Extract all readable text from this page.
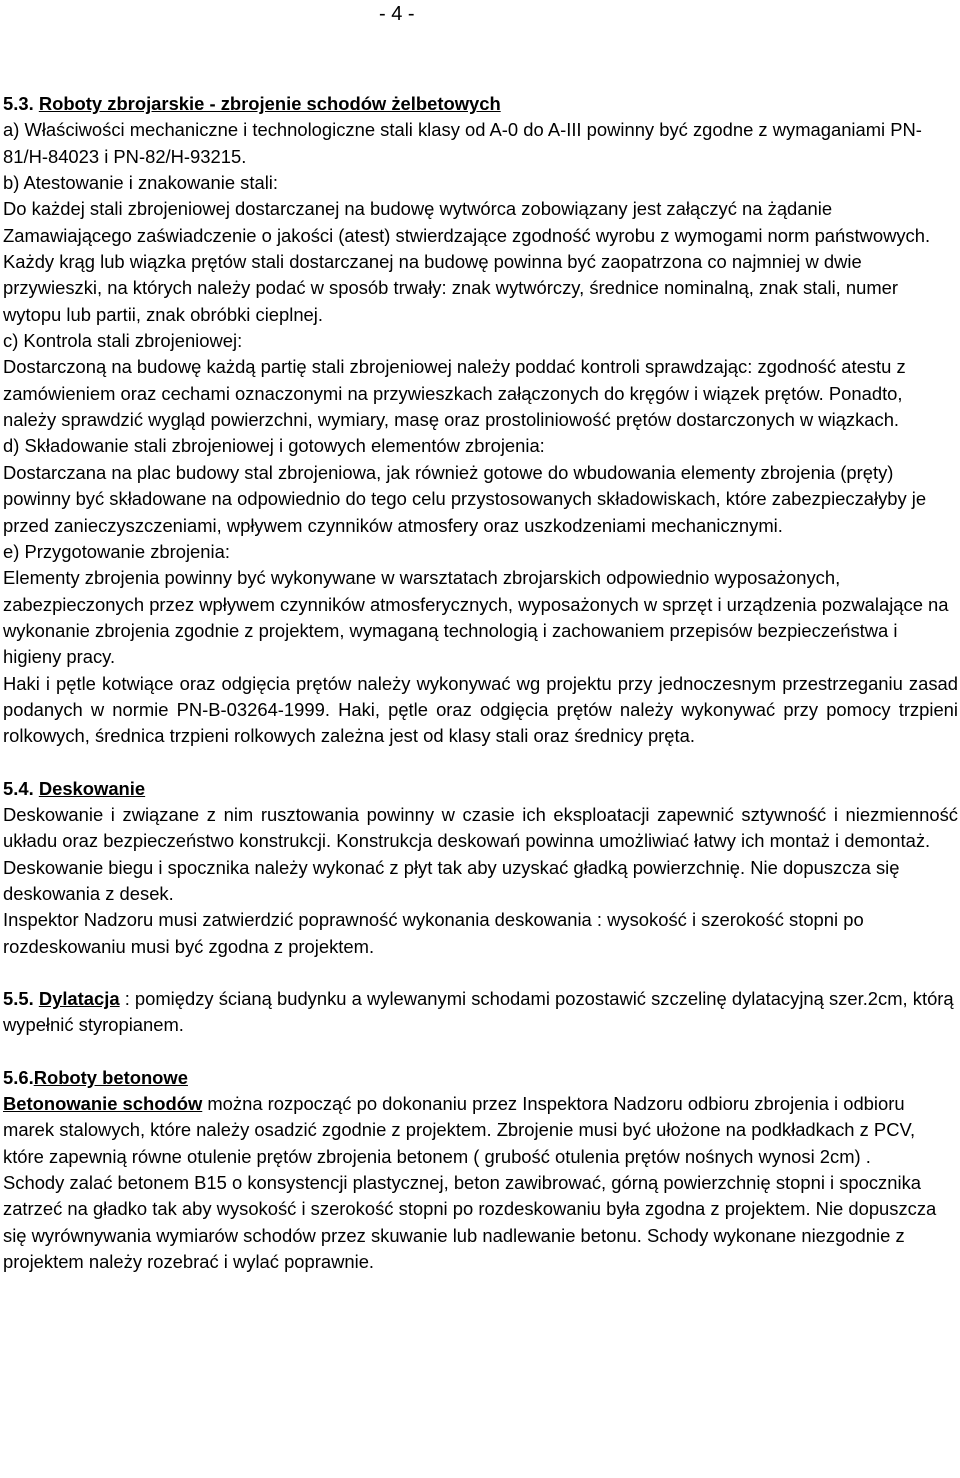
- 4 -

5.3. Roboty zbrojarskie - zbrojenie schodów żelbetowych

a) Właściwości mechaniczne i technologiczne stali klasy od A-0 do A-III powinny być zgodne z wymaganiami PN-81/H-84023 i PN-82/H-93215.

b) Atestowanie i znakowanie stali:

Do każdej stali zbrojeniowej dostarczanej na budowę wytwórca zobowiązany jest załączyć na żądanie Zamawiającego zaświadczenie o jakości (atest) stwierdzające zgodność wyrobu z wymogami norm państwowych. Każdy krąg lub wiązka prętów stali dostarczanej na budowę powinna być zaopatrzona co najmniej w dwie przywieszki, na których należy podać w sposób trwały: znak wytwórczy, średnice nominalną, znak stali, numer wytopu lub partii, znak obróbki cieplnej.

c) Kontrola stali zbrojeniowej:

Dostarczoną na budowę każdą partię stali zbrojeniowej należy poddać kontroli sprawdzając: zgodność atestu z zamówieniem oraz cechami oznaczonymi na przywieszkach załączonych do kręgów i wiązek prętów. Ponadto, należy sprawdzić wygląd powierzchni, wymiary, masę oraz prostoliniowość prętów dostarczonych w wiązkach.

d) Składowanie stali zbrojeniowej i gotowych elementów zbrojenia:

Dostarczana na plac budowy stal zbrojeniowa, jak również gotowe do wbudowania elementy zbrojenia (pręty) powinny być składowane na odpowiednio do tego celu przystosowanych składowiskach, które zabezpieczałyby je przed zanieczyszczeniami, wpływem czynników atmosfery oraz uszkodzeniami mechanicznymi.

e) Przygotowanie zbrojenia:

Elementy zbrojenia powinny być wykonywane w warsztatach zbrojarskich odpowiednio wyposażonych, zabezpieczonych przez wpływem czynników atmosferycznych, wyposażonych w sprzęt i urządzenia pozwalające na wykonanie zbrojenia zgodnie z projektem, wymaganą technologią i zachowaniem przepisów bezpieczeństwa i higieny pracy.

Haki i pętle kotwiące oraz odgięcia prętów należy wykonywać wg projektu przy jednoczesnym przestrzeganiu zasad podanych w normie PN-B-03264-1999. Haki, pętle oraz odgięcia prętów należy wykonywać przy pomocy trzpieni rolkowych, średnica trzpieni rolkowych zależna jest od klasy stali oraz średnicy pręta.

5.4. Deskowanie

Deskowanie i związane z nim rusztowania powinny w czasie ich eksploatacji zapewnić sztywność i niezmienność układu oraz bezpieczeństwo konstrukcji. Konstrukcja deskowań powinna umożliwiać łatwy ich montaż i demontaż.

Deskowanie biegu i spocznika należy wykonać z płyt tak aby uzyskać gładką powierzchnię. Nie dopuszcza się deskowania z desek.

Inspektor Nadzoru musi zatwierdzić poprawność wykonania deskowania : wysokość i szerokość stopni po rozdeskowaniu musi być zgodna z projektem.

5.5. Dylatacja : pomiędzy ścianą budynku a wylewanymi schodami pozostawić szczelinę dylatacyjną szer.2cm, którą wypełnić styropianem.

5.6.Roboty betonowe

Betonowanie schodów można rozpocząć po dokonaniu przez Inspektora Nadzoru odbioru zbrojenia i odbioru marek stalowych, które należy osadzić zgodnie z projektem. Zbrojenie musi być ułożone na podkładkach z PCV, które zapewnią równe otulenie prętów zbrojenia betonem ( grubość otulenia prętów nośnych wynosi 2cm) .

Schody zalać betonem B15 o konsystencji plastycznej, beton zawibrować, górną powierzchnię stopni i spocznika zatrzeć na gładko tak aby wysokość i szerokość stopni po rozdeskowaniu była zgodna z projektem. Nie dopuszcza się wyrównywania wymiarów schodów przez skuwanie lub nadlewanie betonu. Schody wykonane niezgodnie z projektem należy rozebrać i wylać poprawnie.
